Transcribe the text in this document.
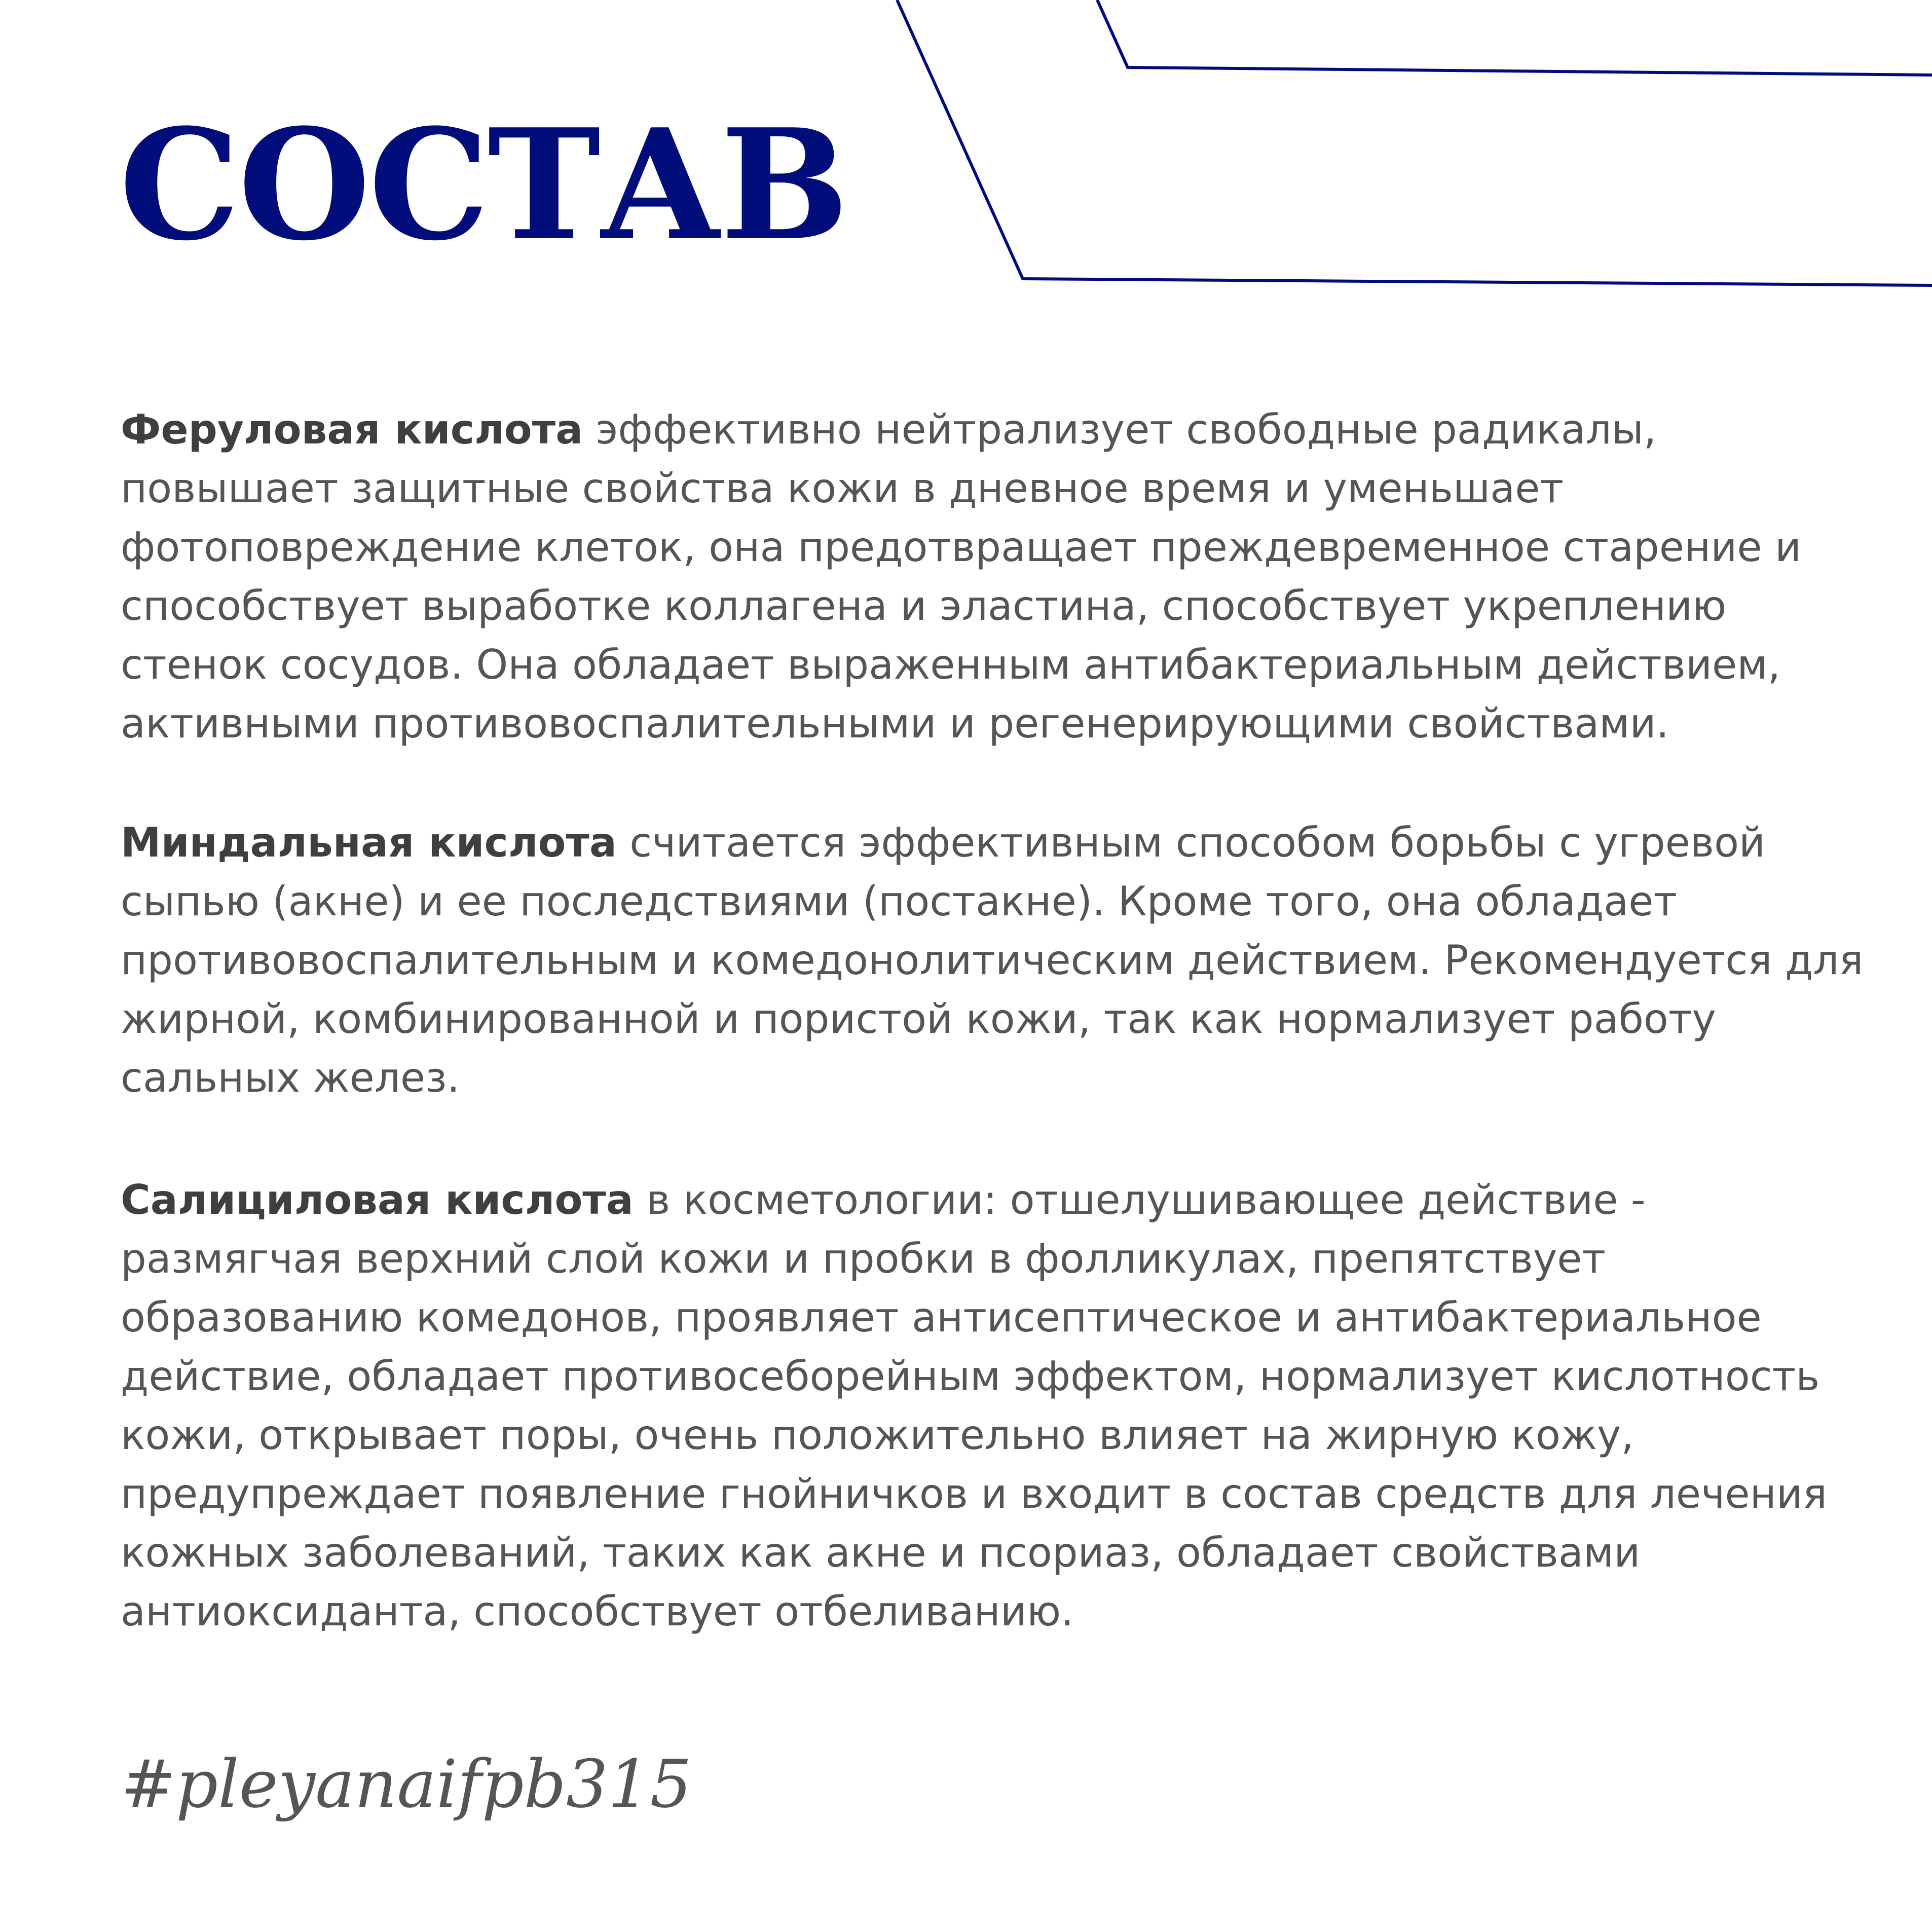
СОСТАВ

Феруловая кислота эффективно нейтрализует свободные радикалы, повышает защитные свойства кожи в дневное время и уменьшает фотоповреждение клеток, она предотвращает преждевременное старение и способствует выработке коллагена и эластина, способствует укреплению стенок сосудов. Она обладает выраженным антибактериальным действием, активными противовоспалительными и регенерирующими свойствами.

Миндальная кислота считается эффективным способом борьбы с угревой сыпью (акне) и ее последствиями (постакне). Кроме того, она обладает противовоспалительным и комедонолитическим действием. Рекомендуется для жирной, комбинированной и пористой кожи, так как нормализует работу сальных желез.

Салициловая кислота в косметологии: отшелушивающее действие - размягчая верхний слой кожи и пробки в фолликулах, препятствует образованию комедонов, проявляет антисептическое и антибактериальное действие, обладает противосеборейным эффектом, нормализует кислотность кожи, открывает поры, очень положительно влияет на жирную кожу, предупреждает появление гнойничков и входит в состав средств для лечения кожных заболеваний, таких как акне и псориаз, обладает свойствами антиоксиданта, способствует отбеливанию.

#pleyanaifpb315
